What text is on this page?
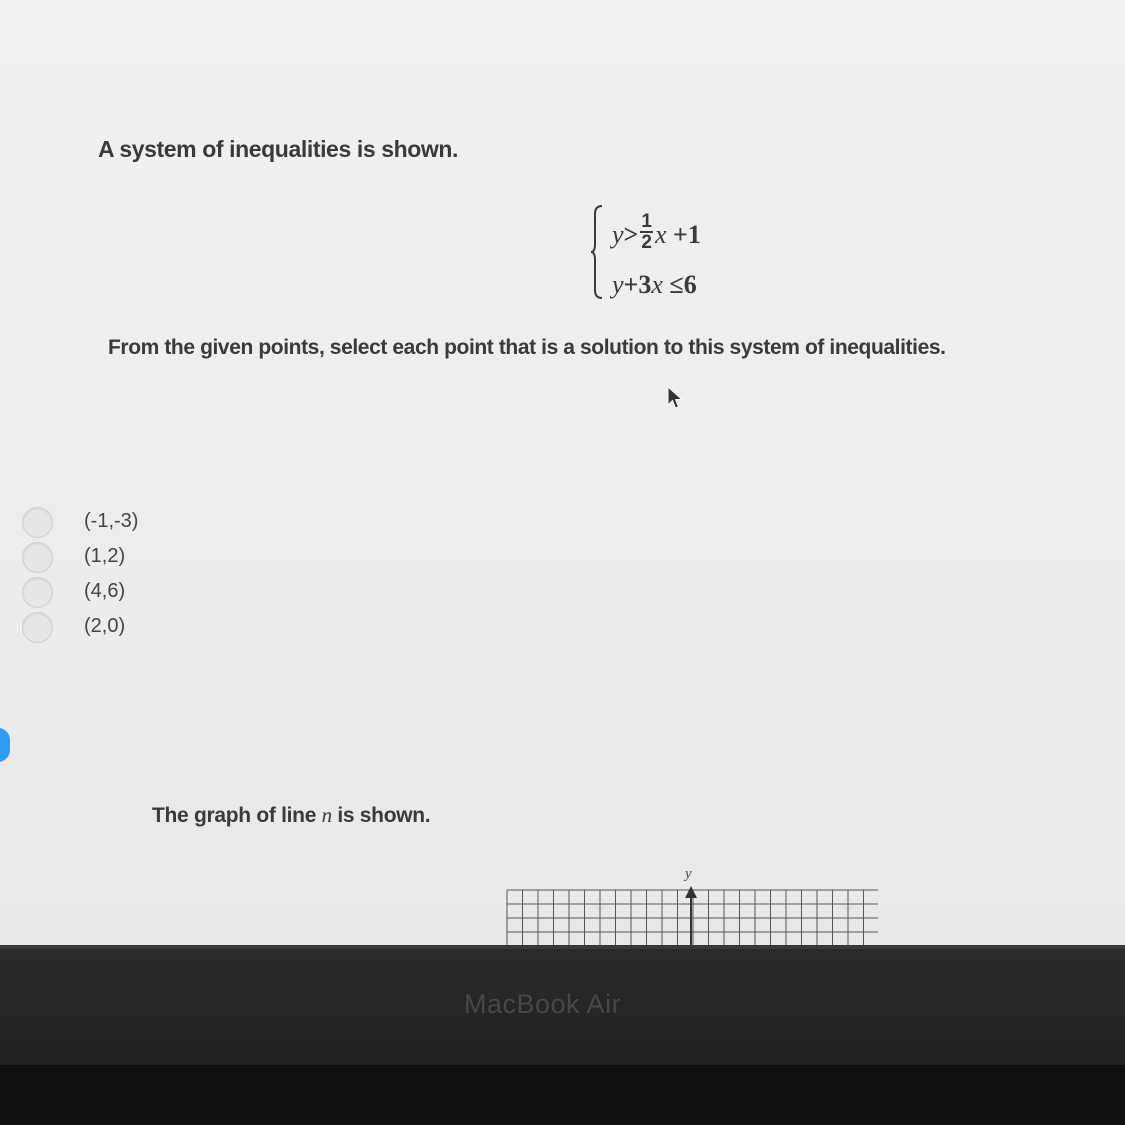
A system of inequalities is shown.
$y> \frac{1}{2}$ x +1
y+3x ≤6
From the given points, select each point that is a solution to this system of inequalities.
(-1,-3)
(1,2)
(4,6)
(2,0)
The graph of line n is shown.
y
MacBook Air
